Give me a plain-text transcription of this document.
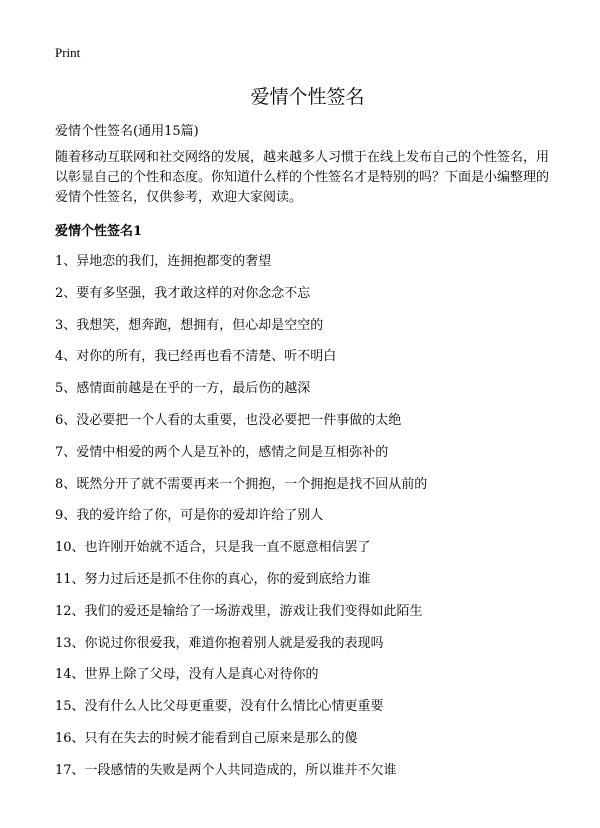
Print
爱情个性签名
爱情个性签名(通用15篇)

随着移动互联网和社交网络的发展，越来越多人习惯于在线上发布自己的个性签名，用以彰显自己的个性和态度。你知道什么样的个性签名才是特别的吗？下面是小编整理的爱情个性签名，仅供参考，欢迎大家阅读。

爱情个性签名1
1、异地恋的我们，连拥抱都变的奢望
2、要有多坚强，我才敢这样的对你念念不忘
3、我想笑，想奔跑，想拥有，但心却是空空的
4、对你的所有，我已经再也看不清楚、听不明白
5、感情面前越是在乎的一方，最后伤的越深
6、没必要把一个人看的太重要，也没必要把一件事做的太绝
7、爱情中相爱的两个人是互补的，感情之间是互相弥补的
8、既然分开了就不需要再来一个拥抱，一个拥抱是找不回从前的
9、我的爱许给了你，可是你的爱却许给了别人
10、也许刚开始就不适合，只是我一直不愿意相信罢了
11、努力过后还是抓不住你的真心，你的爱到底给力谁
12、我们的爱还是输给了一场游戏里，游戏让我们变得如此陌生
13、你说过你很爱我，难道你抱着别人就是爱我的表现吗
14、世界上除了父母，没有人是真心对待你的
15、没有什么人比父母更重要，没有什么情比心情更重要
16、只有在失去的时候才能看到自己原来是那么的傻
17、一段感情的失败是两个人共同造成的，所以谁并不欠谁
